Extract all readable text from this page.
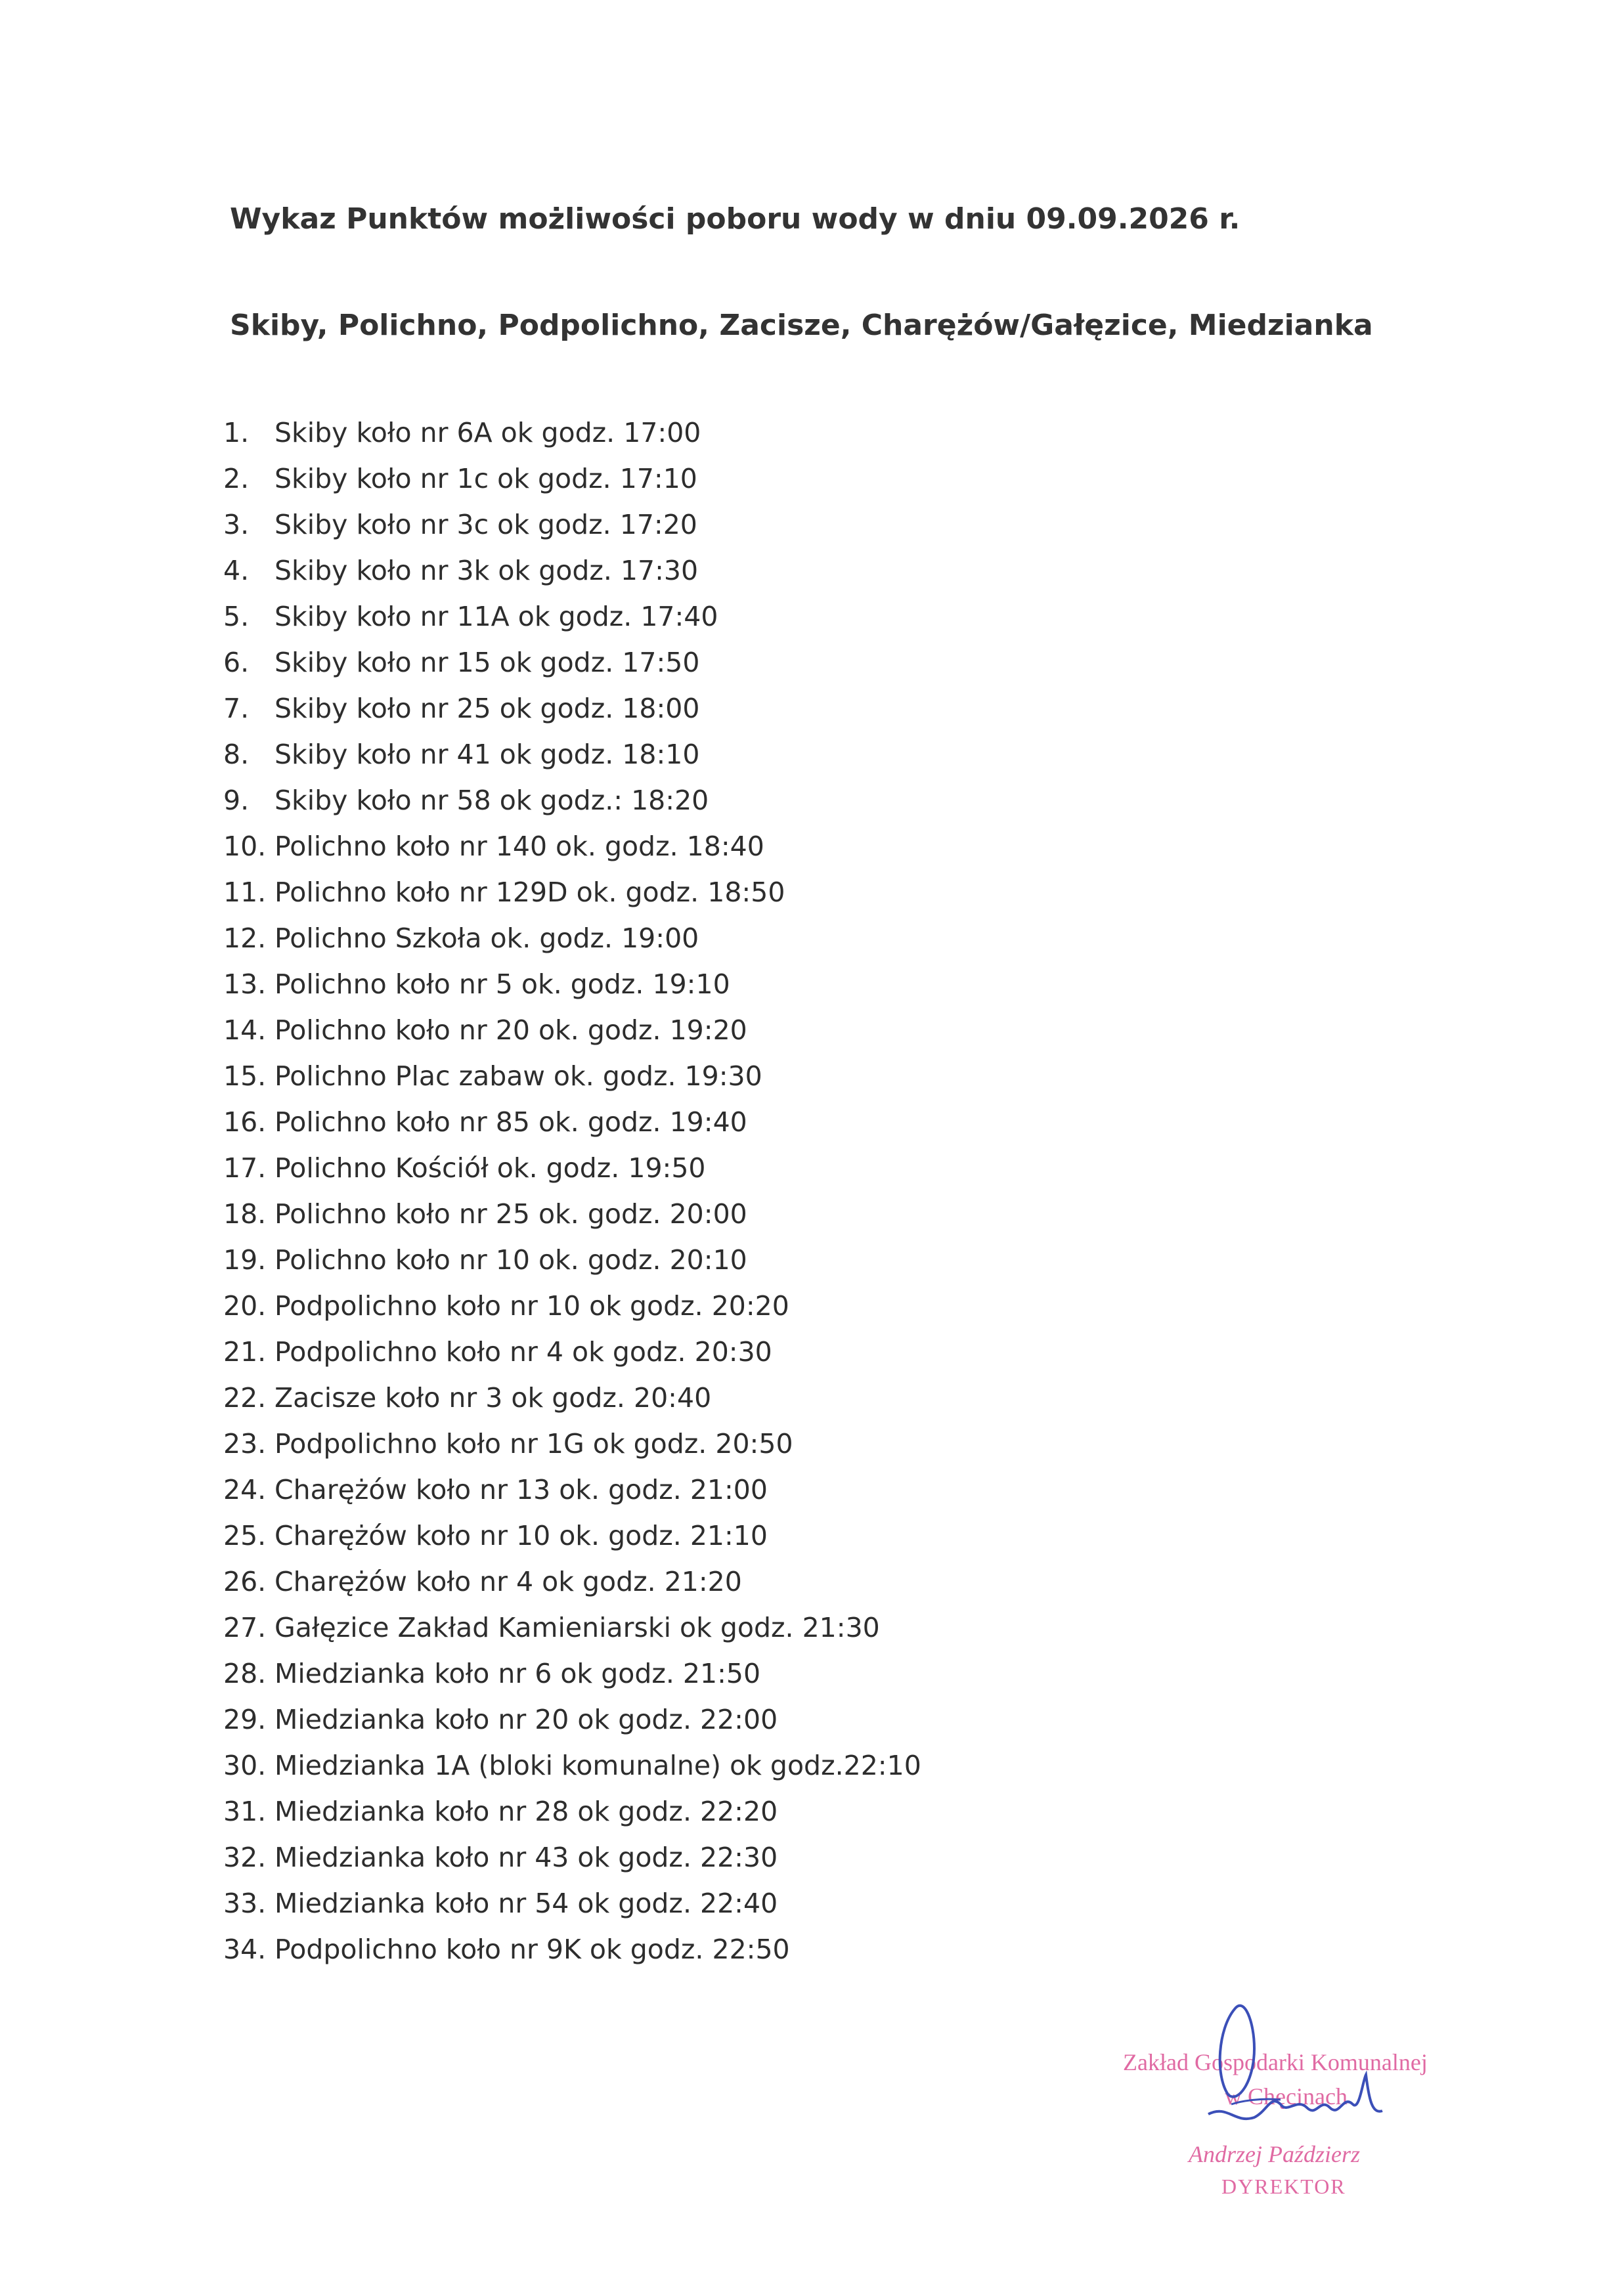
Wykaz Punktów możliwości poboru wody w dniu 09.09.2026 r.
Skiby, Polichno, Podpolichno, Zacisze, Charężów/Gałęzice, Miedzianka
1. Skiby koło nr 6A ok godz. 17:00
2. Skiby koło nr 1c ok godz. 17:10
3. Skiby koło nr 3c ok godz. 17:20
4. Skiby koło nr 3k ok godz. 17:30
5. Skiby koło nr 11A ok godz. 17:40
6. Skiby koło nr 15 ok godz. 17:50
7. Skiby koło nr 25 ok godz. 18:00
8. Skiby koło nr 41 ok godz. 18:10
9. Skiby koło nr 58 ok godz.: 18:20
10. Polichno koło nr 140 ok. godz. 18:40
11. Polichno koło nr 129D ok. godz. 18:50
12. Polichno Szkoła ok. godz. 19:00
13. Polichno koło nr 5 ok. godz. 19:10
14. Polichno koło nr 20 ok. godz. 19:20
15. Polichno Plac zabaw ok. godz. 19:30
16. Polichno koło nr 85 ok. godz. 19:40
17. Polichno Kościół ok. godz. 19:50
18. Polichno koło nr 25 ok. godz. 20:00
19. Polichno koło nr 10 ok. godz. 20:10
20. Podpolichno koło nr 10 ok godz. 20:20
21. Podpolichno koło nr 4 ok godz. 20:30
22. Zacisze koło nr 3 ok godz. 20:40
23. Podpolichno koło nr 1G ok godz. 20:50
24. Charężów koło nr 13 ok. godz. 21:00
25. Charężów koło nr 10 ok. godz. 21:10
26. Charężów koło nr 4 ok godz. 21:20
27. Gałęzice Zakład Kamieniarski ok godz. 21:30
28. Miedzianka koło nr 6 ok godz. 21:50
29. Miedzianka koło nr 20 ok godz. 22:00
30. Miedzianka 1A (bloki komunalne) ok godz.22:10
31. Miedzianka koło nr 28 ok godz. 22:20
32. Miedzianka koło nr 43 ok godz. 22:30
33. Miedzianka koło nr 54 ok godz. 22:40
34. Podpolichno koło nr 9K ok godz. 22:50
Zakład Gospodarki Komunalnej
w Chęcinach
Andrzej Paździerz
DYREKTOR
